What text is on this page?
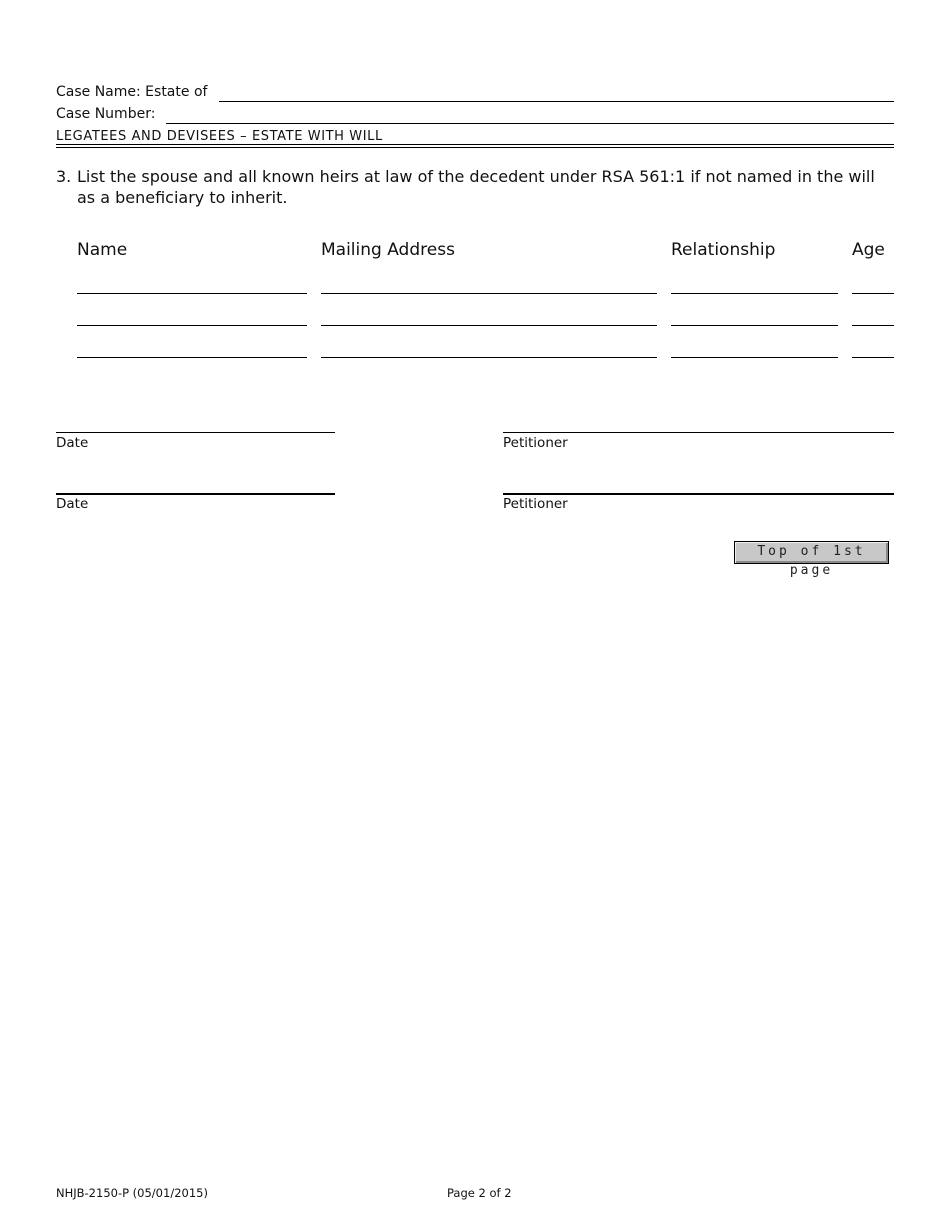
Case Name: Estate of
Case Number:
LEGATEES AND DEVISEES – ESTATE WITH WILL
3. List the spouse and all known heirs at law of the decedent under RSA 561:1 if not named in the will as a beneficiary to inherit.
Name	Mailing Address	Relationship	Age
Date	Petitioner
Date	Petitioner
Top of 1st page
NHJB-2150-P (05/01/2015)	Page 2 of 2
